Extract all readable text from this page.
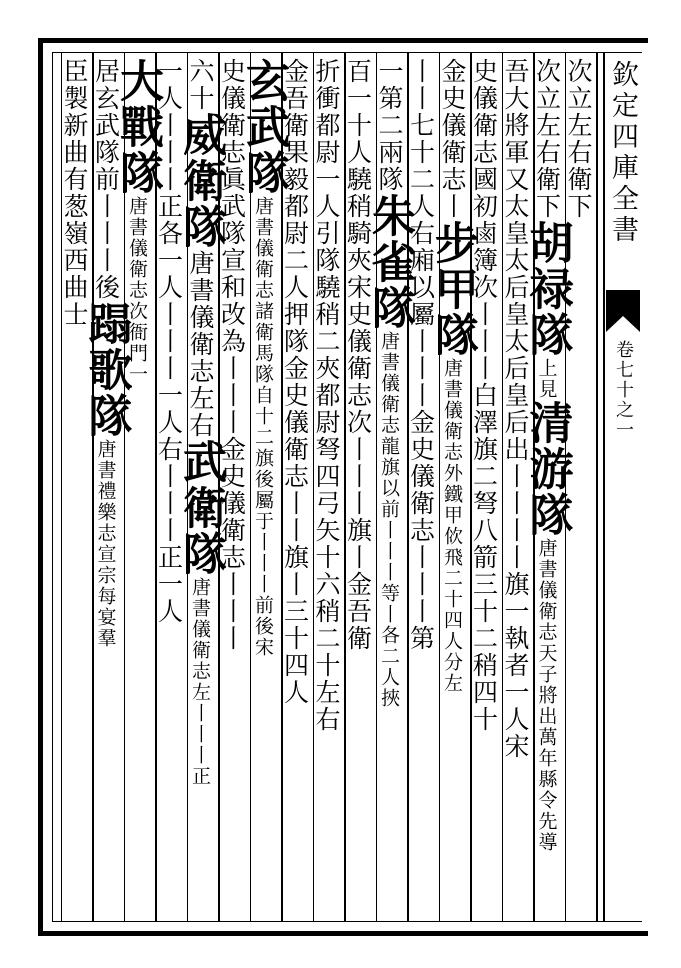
欽定四庫全書
卷七十之一
次立左右衛下
次立左右衛下胡禄隊上見清游隊唐書儀衛志天子將出萬年縣令先導
吾大將軍又太皇太后皇太后皇后出丨丨丨丨旗一執者一人宋
史儀衛志國初鹵簿次丨丨丨白澤旗二弩八箭三十二稍四十
金史儀衛志丨步甲隊唐書儀衛志外鐵甲佽飛二十四人分左
丨丨七十二人右廂以屬丨丨丨金史儀衛志丨丨丨第
一第二兩隊朱雀隊唐書儀衛志龍旗以前丨丨丨等丨各二人挾
百一十人驍稍騎夾宋史儀衛志次丨丨丨旗丨金吾衛
折衝都尉一人引隊驍稍二夾都尉弩四弓矢十六稍二十左右
金吾衛果毅都尉二人押隊金史儀衛志丨丨旗丨三十四人
玄武隊唐書儀衛志諸衛馬隊自十二旗後屬于丨丨丨前後宋
史儀衛志眞武隊宣和改為丨丨丨金史儀衛志丨丨丨
六十威衛隊唐書儀衛志左右武衛隊唐書儀衛志左丨丨丨正
一人丨丨丨正各一人丨丨丨一人右丨丨丨正一人
大戰隊唐書儀衛志次衙門一
居玄武隊前丨丨丨後蹋歌隊唐書禮樂志宣宗每宴羣
臣製新曲有葱嶺西曲士
